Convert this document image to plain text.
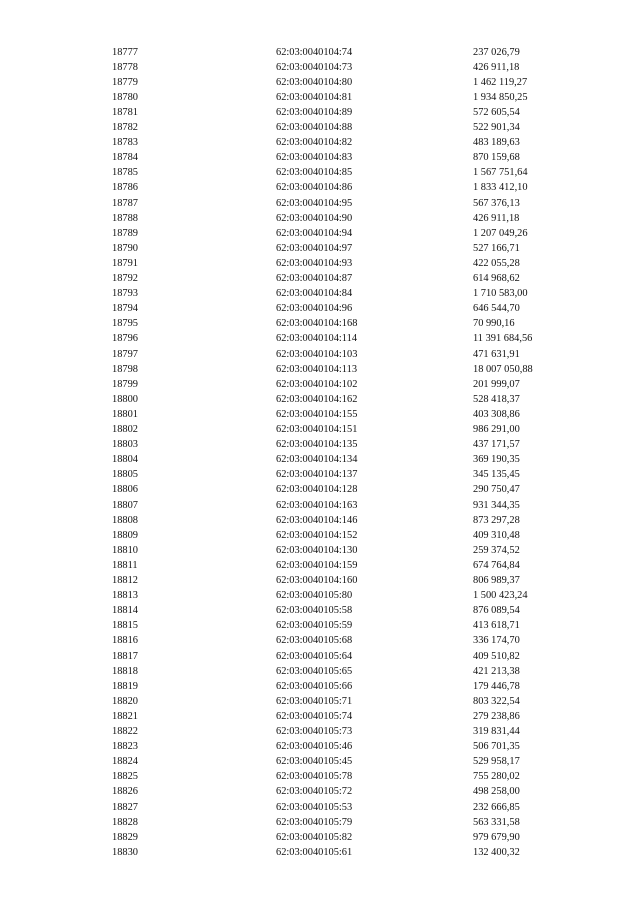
18777	62:03:0040104:74	237 026,79
18778	62:03:0040104:73	426 911,18
18779	62:03:0040104:80	1 462 119,27
18780	62:03:0040104:81	1 934 850,25
18781	62:03:0040104:89	572 605,54
18782	62:03:0040104:88	522 901,34
18783	62:03:0040104:82	483 189,63
18784	62:03:0040104:83	870 159,68
18785	62:03:0040104:85	1 567 751,64
18786	62:03:0040104:86	1 833 412,10
18787	62:03:0040104:95	567 376,13
18788	62:03:0040104:90	426 911,18
18789	62:03:0040104:94	1 207 049,26
18790	62:03:0040104:97	527 166,71
18791	62:03:0040104:93	422 055,28
18792	62:03:0040104:87	614 968,62
18793	62:03:0040104:84	1 710 583,00
18794	62:03:0040104:96	646 544,70
18795	62:03:0040104:168	70 990,16
18796	62:03:0040104:114	11 391 684,56
18797	62:03:0040104:103	471 631,91
18798	62:03:0040104:113	18 007 050,88
18799	62:03:0040104:102	201 999,07
18800	62:03:0040104:162	528 418,37
18801	62:03:0040104:155	403 308,86
18802	62:03:0040104:151	986 291,00
18803	62:03:0040104:135	437 171,57
18804	62:03:0040104:134	369 190,35
18805	62:03:0040104:137	345 135,45
18806	62:03:0040104:128	290 750,47
18807	62:03:0040104:163	931 344,35
18808	62:03:0040104:146	873 297,28
18809	62:03:0040104:152	409 310,48
18810	62:03:0040104:130	259 374,52
18811	62:03:0040104:159	674 764,84
18812	62:03:0040104:160	806 989,37
18813	62:03:0040105:80	1 500 423,24
18814	62:03:0040105:58	876 089,54
18815	62:03:0040105:59	413 618,71
18816	62:03:0040105:68	336 174,70
18817	62:03:0040105:64	409 510,82
18818	62:03:0040105:65	421 213,38
18819	62:03:0040105:66	179 446,78
18820	62:03:0040105:71	803 322,54
18821	62:03:0040105:74	279 238,86
18822	62:03:0040105:73	319 831,44
18823	62:03:0040105:46	506 701,35
18824	62:03:0040105:45	529 958,17
18825	62:03:0040105:78	755 280,02
18826	62:03:0040105:72	498 258,00
18827	62:03:0040105:53	232 666,85
18828	62:03:0040105:79	563 331,58
18829	62:03:0040105:82	979 679,90
18830	62:03:0040105:61	132 400,32
